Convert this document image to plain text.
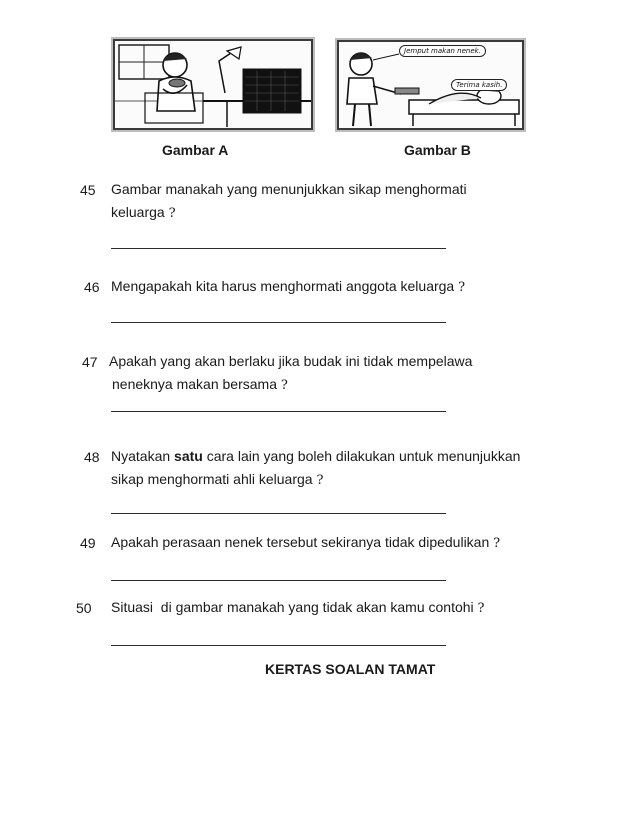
Jemput makan nenek.
Terima kasih.
Gambar A	Gambar B
45 Gambar manakah yang menunjukkan sikap menghormati
keluarga ?
46 Mengapakah kita harus menghormati anggota keluarga ?
47 Apakah yang akan berlaku jika budak ini tidak mempelawa
neneknya makan bersama ?
48 Nyatakan satu cara lain yang boleh dilakukan untuk menunjukkan
sikap menghormati ahli keluarga ?
49 Apakah perasaan nenek tersebut sekiranya tidak dipedulikan ?
50 Situasi  di gambar manakah yang tidak akan kamu contohi ?
KERTAS SOALAN TAMAT
